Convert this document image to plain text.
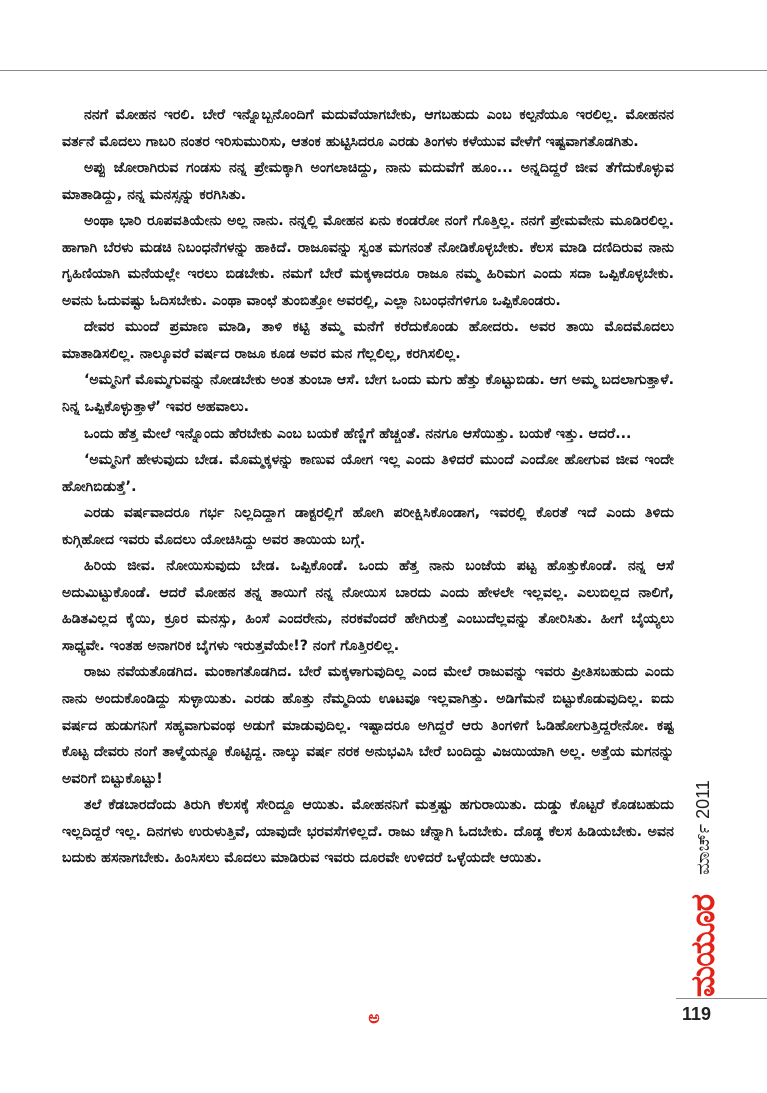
ನನಗೆ ಮೋಹನ ಇರಲಿ. ಬೇರೆ ಇನ್ನೊಬ್ಬನೊಂದಿಗೆ ಮದುವೆಯಾಗಬೇಕು, ಆಗಬಹುದು ಎಂಬ ಕಲ್ಪನೆಯೂ ಇರಲಿಲ್ಲ. ಮೋಹನನ ವರ್ತನೆ ಮೊದಲು ಗಾಬರಿ ನಂತರ ಇರಿಸುಮುರಿಸು, ಆತಂಕ ಹುಟ್ಟಿಸಿದರೂ ಎರಡು ತಿಂಗಳು ಕಳೆಯುವ ವೇಳೆಗೆ ಇಷ್ಟವಾಗತೊಡಗಿತು.

ಅಪ್ಪು ಜೋರಾಗಿರುವ ಗಂಡಸು ನನ್ನ ಪ್ರೇಮಕ್ಕಾಗಿ ಅಂಗಲಾಚಿದ್ದು, ನಾನು ಮದುವೆಗೆ ಹೂಂ... ಅನ್ನದಿದ್ದರೆ ಜೀವ ತೆಗೆದುಕೊಳ್ಳುವ ಮಾತಾಡಿದ್ದು, ನನ್ನ ಮನಸ್ಸನ್ನು ಕರಗಿಸಿತು.

ಅಂಥಾ ಭಾರಿ ರೂಪವತಿಯೇನು ಅಲ್ಲ ನಾನು. ನನ್ನಲ್ಲಿ ಮೋಹನ ಏನು ಕಂಡರೋ ನಂಗೆ ಗೊತ್ತಿಲ್ಲ. ನನಗೆ ಪ್ರೇಮವೇನು ಮೂಡಿರಲಿಲ್ಲ. ಹಾಗಾಗಿ ಬೆರಳು ಮಡಚಿ ನಿಬಂಧನೆಗಳನ್ನು ಹಾಕಿದೆ. ರಾಜೂವನ್ನು ಸ್ವಂತ ಮಗನಂತೆ ನೋಡಿಕೊಳ್ಳಬೇಕು. ಕೆಲಸ ಮಾಡಿ ದಣಿದಿರುವ ನಾನು ಗೃಹಿಣಿಯಾಗಿ ಮನೆಯಲ್ಲೇ ಇರಲು ಬಿಡಬೇಕು. ನಮಗೆ ಬೇರೆ ಮಕ್ಕಳಾದರೂ ರಾಜೂ ನಮ್ಮ ಹಿರಿಮಗ ಎಂದು ಸದಾ ಒಪ್ಪಿಕೊಳ್ಳಬೇಕು. ಅವನು ಓದುವಷ್ಟು ಓದಿಸಬೇಕು. ಎಂಥಾ ವಾಂಛೆ ತುಂಬಿತ್ತೋ ಅವರಲ್ಲಿ, ಎಲ್ಲಾ ನಿಬಂಧನೆಗಳಿಗೂ ಒಪ್ಪಿಕೊಂಡರು.

ದೇವರ ಮುಂದೆ ಪ್ರಮಾಣ ಮಾಡಿ, ತಾಳಿ ಕಟ್ಟಿ ತಮ್ಮ ಮನೆಗೆ ಕರೆದುಕೊಂಡು ಹೋದರು. ಅವರ ತಾಯಿ ಮೊದಮೊದಲು ಮಾತಾಡಿಸಲಿಲ್ಲ. ನಾಲ್ಕೂವರೆ ವರ್ಷದ ರಾಜೂ ಕೂಡ ಅವರ ಮನ ಗೆಲ್ಲಲಿಲ್ಲ, ಕರಗಿಸಲಿಲ್ಲ.

‘ಅಮ್ಮನಿಗೆ ಮೊಮ್ಮಗುವನ್ನು ನೋಡಬೇಕು ಅಂತ ತುಂಬಾ ಆಸೆ. ಬೇಗ ಒಂದು ಮಗು ಹೆತ್ತು ಕೊಟ್ಟುಬಿಡು. ಆಗ ಅಮ್ಮ ಬದಲಾಗುತ್ತಾಳೆ. ನಿನ್ನ ಒಪ್ಪಿಕೊಳ್ಳುತ್ತಾಳೆ’ ಇವರ ಅಹವಾಲು.

ಒಂದು ಹೆತ್ತ ಮೇಲೆ ಇನ್ನೊಂದು ಹೆರಬೇಕು ಎಂಬ ಬಯಕೆ ಹೆಣ್ಣಿಗೆ ಹೆಚ್ಚಂತೆ. ನನಗೂ ಆಸೆಯಿತ್ತು. ಬಯಕೆ ಇತ್ತು. ಆದರೆ...

‘ಅಮ್ಮನಿಗೆ ಹೇಳುವುದು ಬೇಡ. ಮೊಮ್ಮಕ್ಕಳನ್ನು ಕಾಣುವ ಯೋಗ ಇಲ್ಲ ಎಂದು ತಿಳಿದರೆ ಮುಂದೆ ಎಂದೋ ಹೋಗುವ ಜೀವ ಇಂದೇ ಹೋಗಿಬಿಡುತ್ತೆ’.

ಎರಡು ವರ್ಷವಾದರೂ ಗರ್ಭ ನಿಲ್ಲದಿದ್ದಾಗ ಡಾಕ್ಟರಲ್ಲಿಗೆ ಹೋಗಿ ಪರೀಕ್ಷಿಸಿಕೊಂಡಾಗ, ಇವರಲ್ಲಿ ಕೊರತೆ ಇದೆ ಎಂದು ತಿಳಿದು ಕುಗ್ಗಿಹೋದ ಇವರು ಮೊದಲು ಯೋಚಿಸಿದ್ದು ಅವರ ತಾಯಿಯ ಬಗ್ಗೆ.

ಹಿರಿಯ ಜೀವ. ನೋಯಿಸುವುದು ಬೇಡ. ಒಪ್ಪಿಕೊಂಡೆ. ಒಂದು ಹೆತ್ತ ನಾನು ಬಂಜೆಯ ಪಟ್ಟ ಹೊತ್ತುಕೊಂಡೆ. ನನ್ನ ಆಸೆ ಅದುಮಿಟ್ಟುಕೊಂಡೆ. ಆದರೆ ಮೋಹನ ತನ್ನ ತಾಯಿಗೆ ನನ್ನ ನೋಯಿಸ ಬಾರದು ಎಂದು ಹೇಳಲೇ ಇಲ್ಲವಲ್ಲ. ಎಲುಬಿಲ್ಲದ ನಾಲಿಗೆ, ಹಿಡಿತವಿಲ್ಲದ ಕೈಯಿ, ಕ್ರೂರ ಮನಸ್ಸು, ಹಿಂಸೆ ಎಂದರೇನು, ನರಕವೆಂದರೆ ಹೇಗಿರುತ್ತೆ ಎಂಬುದೆಲ್ಲವನ್ನು ತೋರಿಸಿತು. ಹೀಗೆ ಬೈಯ್ಯಲು ಸಾಧ್ಯವೇ. ಇಂತಹ ಅನಾಗರಿಕ ಬೈಗಳು ಇರುತ್ತವೆಯೇ!? ನಂಗೆ ಗೊತ್ತಿರಲಿಲ್ಲ.

ರಾಜು ನವೆಯತೊಡಗಿದ. ಮಂಕಾಗತೊಡಗಿದ. ಬೇರೆ ಮಕ್ಕಳಾಗುವುದಿಲ್ಲ ಎಂದ ಮೇಲೆ ರಾಜುವನ್ನು ಇವರು ಪ್ರೀತಿಸಬಹುದು ಎಂದು ನಾನು ಅಂದುಕೊಂಡಿದ್ದು ಸುಳ್ಳಾಯಿತು. ಎರಡು ಹೊತ್ತು ನೆಮ್ಮದಿಯ ಊಟವೂ ಇಲ್ಲವಾಗಿತ್ತು. ಅಡಿಗೆಮನೆ ಬಿಟ್ಟುಕೊಡುವುದಿಲ್ಲ. ಐದು ವರ್ಷದ ಹುಡುಗನಿಗೆ ಸಹ್ಯವಾಗುವಂಥ ಅಡುಗೆ ಮಾಡುವುದಿಲ್ಲ. ಇಷ್ಟಾದರೂ ಅಗಿದ್ದರೆ ಆರು ತಿಂಗಳಿಗೆ ಓಡಿಹೋಗುತ್ತಿದ್ದರೇನೋ. ಕಷ್ಟ ಕೊಟ್ಟ ದೇವರು ನಂಗೆ ತಾಳ್ಮೆಯನ್ನೂ ಕೊಟ್ಟಿದ್ದ. ನಾಲ್ಕು ವರ್ಷ ನರಕ ಅನುಭವಿಸಿ ಬೇರೆ ಬಂದಿದ್ದು ವಿಜಯಿಯಾಗಿ ಅಲ್ಲ. ಅತ್ತೆಯ ಮಗನನ್ನು ಅವರಿಗೆ ಬಿಟ್ಟುಕೊಟ್ಟು!

ತಲೆ ಕೆಡಬಾರದೆಂದು ತಿರುಗಿ ಕೆಲಸಕ್ಕೆ ಸೇರಿದ್ದೂ ಆಯಿತು. ಮೋಹನನಿಗೆ ಮತ್ತಷ್ಟು ಹಗುರಾಯಿತು. ದುಡ್ಡು ಕೊಟ್ಟರೆ ಕೊಡಬಹುದು ಇಲ್ಲದಿದ್ದರೆ ಇಲ್ಲ. ದಿನಗಳು ಉರುಳುತ್ತಿವೆ, ಯಾವುದೇ ಭರವಸೆಗಳಿಲ್ಲದೆ. ರಾಜು ಚೆನ್ನಾಗಿ ಓದಬೇಕು. ದೊಡ್ಡ ಕೆಲಸ ಹಿಡಿಯಬೇಕು. ಅವನ ಬದುಕು ಹಸನಾಗಬೇಕು. ಹಿಂಸಿಸಲು ಮೊದಲು ಮಾಡಿರುವ ಇವರು ದೂರವೇ ಉಳಿದರೆ ಒಳ್ಳೆಯದೇ ಆಯಿತು.	ಮಾರ್ಚ್ 2011
ಮಯೂರ
119
ಅ
